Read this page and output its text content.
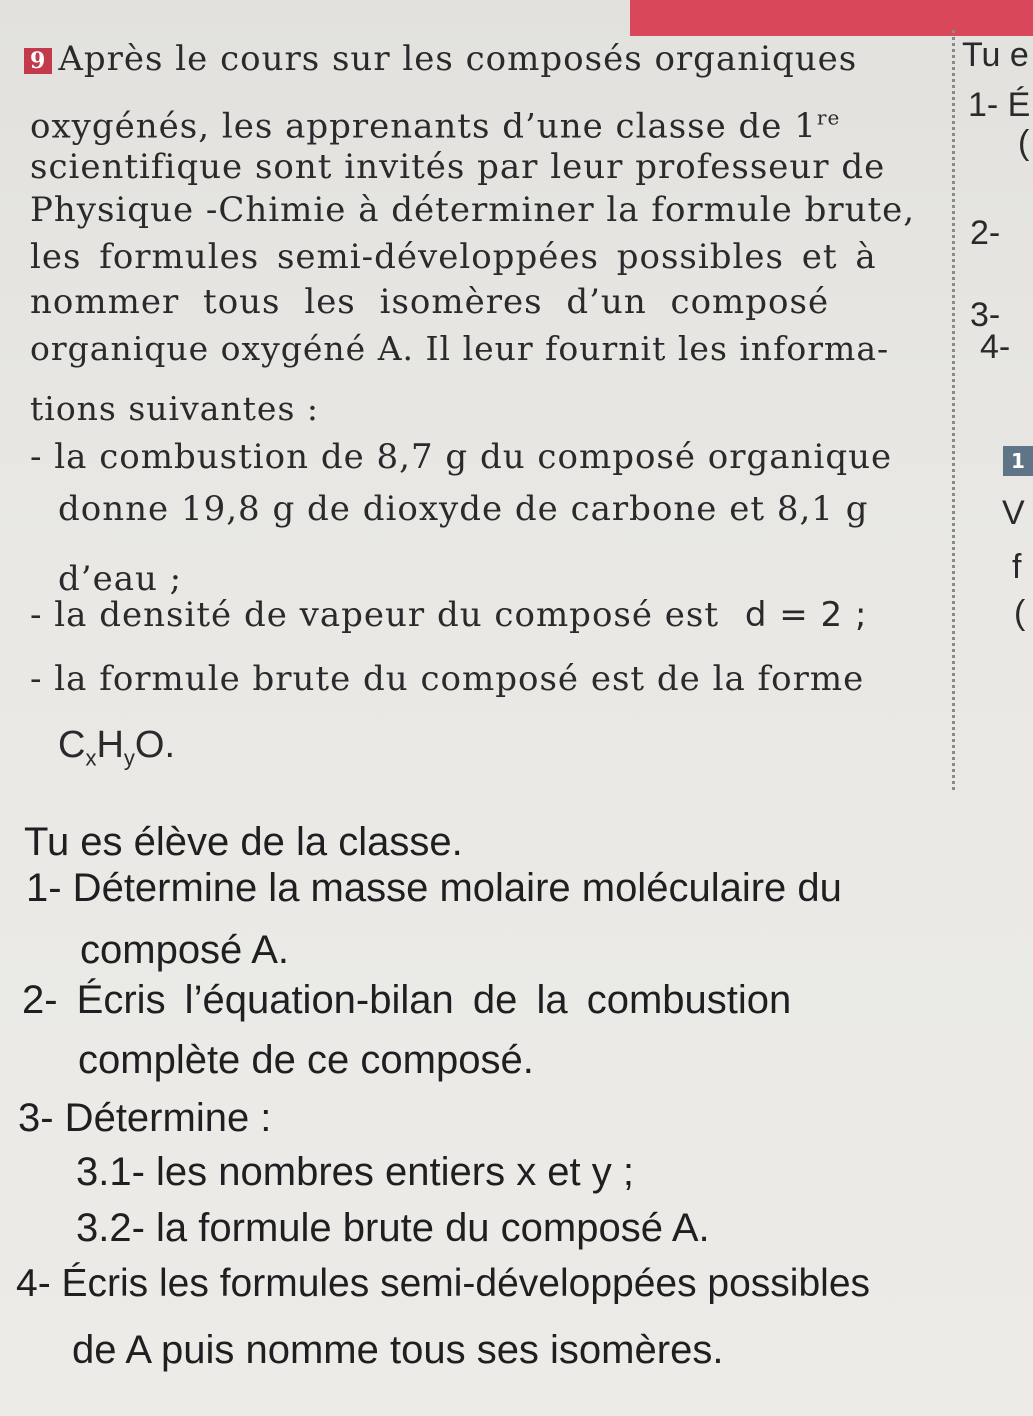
9 Après le cours sur les composés organiques
oxygénés, les apprenants d’une classe de 1re
scientifique sont invités par leur professeur de
Physique -Chimie à déterminer la formule brute,
les formules semi-développées possibles et à
nommer tous les isomères d’un composé
organique oxygéné A. Il leur fournit les informa-
tions suivantes :
- la combustion de 8,7 g du composé organique
donne 19,8 g de dioxyde de carbone et 8,1 g
d’eau ;
- la densité de vapeur du composé est d = 2 ;
- la formule brute du composé est de la forme
$C_xH_yO$.
Tu es élève de la classe.
1- Détermine la masse molaire moléculaire du
composé A.
2- Écris l’équation-bilan de la combustion
complète de ce composé.
3- Détermine :
3.1- les nombres entiers x et y ;
3.2- la formule brute du composé A.
4- Écris les formules semi-développées possibles
de A puis nomme tous ses isomères.
Tu e
1- É
(
2-
3-
4-
1
V
f
(
